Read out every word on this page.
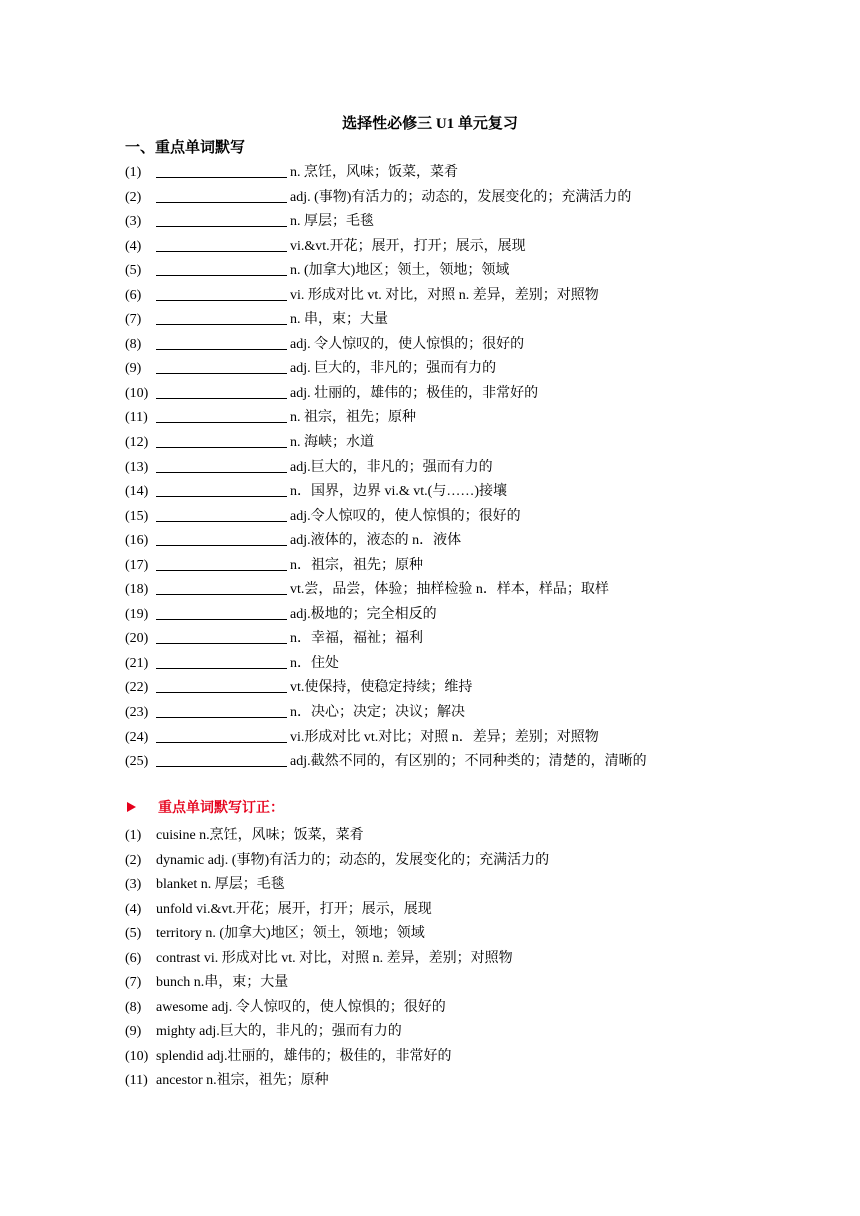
选择性必修三 U1 单元复习
一、重点单词默写
(1)	n. 烹饪，风味；饭菜，菜肴
(2)	adj. (事物)有活力的；动态的，发展变化的；充满活力的
(3)	n. 厚层；毛毯
(4)	vi.&vt.开花；展开，打开；展示，展现
(5)	n. (加拿大)地区；领土，领地；领域
(6)	vi. 形成对比 vt. 对比，对照 n. 差异，差别；对照物
(7)	n. 串，束；大量
(8)	adj. 令人惊叹的，使人惊惧的；很好的
(9)	adj. 巨大的，非凡的；强而有力的
(10)	adj. 壮丽的，雄伟的；极佳的，非常好的
(11)	n. 祖宗，祖先；原种
(12)	n. 海峡；水道
(13)	adj.巨大的，非凡的；强而有力的
(14)	n．国界，边界 vi.& vt.(与……)接壤
(15)	adj.令人惊叹的，使人惊惧的；很好的
(16)	adj.液体的，液态的 n．液体
(17)	n．祖宗，祖先；原种
(18)	vt.尝，品尝，体验；抽样检验 n．样本，样品；取样
(19)	adj.极地的；完全相反的
(20)	n．幸福，福祉；福利
(21)	n．住处
(22)	vt.使保持，使稳定持续；维持
(23)	n．决心；决定；决议；解决
(24)	vi.形成对比 vt.对比；对照 n．差异；差别；对照物
(25)	adj.截然不同的，有区别的；不同种类的；清楚的，清晰的
重点单词默写订正：
(1) cuisine n.烹饪，风味；饭菜，菜肴
(2) dynamic adj. (事物)有活力的；动态的，发展变化的；充满活力的
(3) blanket n. 厚层；毛毯
(4) unfold vi.&vt.开花；展开，打开；展示，展现
(5) territory n. (加拿大)地区；领土，领地；领域
(6) contrast vi. 形成对比 vt. 对比，对照 n. 差异，差别；对照物
(7) bunch n.串，束；大量
(8) awesome adj. 令人惊叹的，使人惊惧的；很好的
(9) mighty adj.巨大的，非凡的；强而有力的
(10) splendid adj.壮丽的，雄伟的；极佳的，非常好的
(11) ancestor n.祖宗，祖先；原种
